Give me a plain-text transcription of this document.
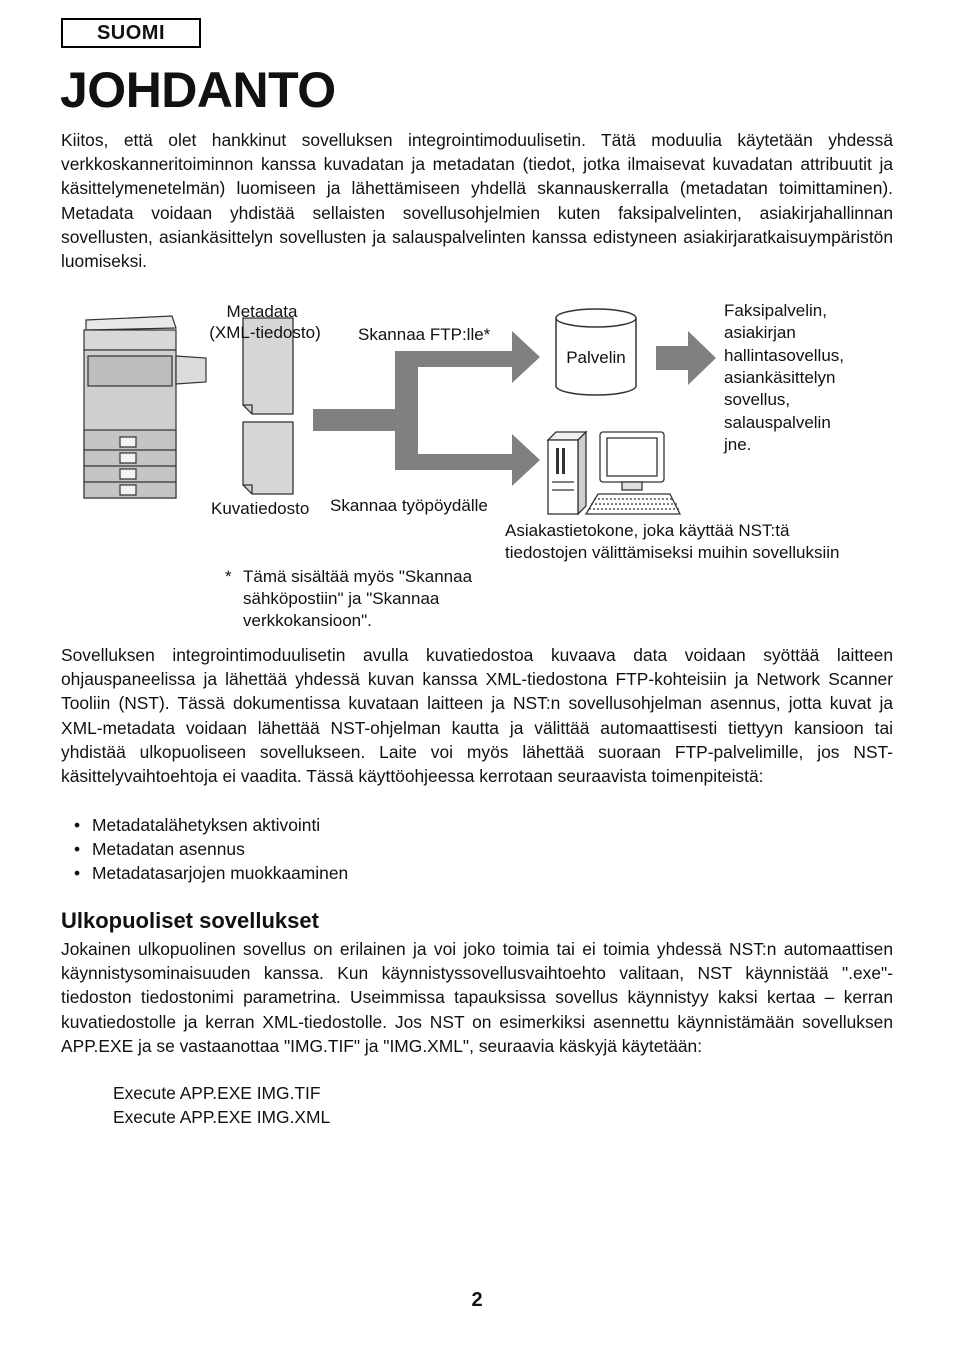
SUOMI
JOHDANTO

Kiitos, että olet hankkinut sovelluksen integrointimoduulisetin. Tätä moduulia käytetään yhdessä verkkoskanneritoiminnon kanssa kuvadatan ja metadatan (tiedot, jotka ilmaisevat kuvadatan attribuutit ja käsittelymenetelmän) luomiseen ja lähettämiseen yhdellä skannauskerralla (metadatan toimittaminen). Metadata voidaan yhdistää sellaisten sovellusohjelmien kuten faksipalvelinten, asiakirjahallinnan sovellusten, asiankäsittelyn sovellusten ja salauspalvelinten kanssa edistyneen asiakirjaratkaisuympäristön luomiseksi.

Metadata
(XML-tiedosto)
Kuvatiedosto
Skannaa FTP:lle*
Skannaa työpöydälle
Palvelin
Faksipalvelin,
asiakirjan
hallintasovellus,
asiankäsittelyn
sovellus,
salauspalvelin
jne.
Asiakastietokone, joka käyttää NST:tä
tiedostojen välittämiseksi muihin sovelluksiin
* Tämä sisältää myös "Skannaa sähköpostiin" ja "Skannaa verkkokansioon".

Sovelluksen integrointimoduulisetin avulla kuvatiedostoa kuvaava data voidaan syöttää laitteen ohjauspaneelissa ja lähettää yhdessä kuvan kanssa XML-tiedostona FTP-kohteisiin ja Network Scanner Tooliin (NST). Tässä dokumentissa kuvataan laitteen ja NST:n sovellusohjelman asennus, jotta kuvat ja XML-metadata voidaan lähettää NST-ohjelman kautta ja välittää automaattisesti tiettyyn kansioon tai yhdistää ulkopuoliseen sovellukseen. Laite voi myös lähettää suoraan FTP-palvelimille, jos NST-käsittelyvaihtoehtoja ei vaadita. Tässä käyttöohjeessa kerrotaan seuraavista toimenpiteistä:

• Metadatalähetyksen aktivointi
• Metadatan asennus
• Metadatasarjojen muokkaaminen
Ulkopuoliset sovellukset

Jokainen ulkopuolinen sovellus on erilainen ja voi joko toimia tai ei toimia yhdessä NST:n automaattisen käynnistysominaisuuden kanssa. Kun käynnistyssovellusvaihtoehto valitaan, NST käynnistää ".exe"-tiedoston tiedostonimi parametrina. Useimmissa tapauksissa sovellus käynnistyy kaksi kertaa – kerran kuvatiedostolle ja kerran XML-tiedostolle. Jos NST on esimerkiksi asennettu käynnistämään sovelluksen APP.EXE ja se vastaanottaa "IMG.TIF" ja "IMG.XML", seuraavia käskyjä käytetään:

Execute APP.EXE IMG.TIF
Execute APP.EXE IMG.XML
2
